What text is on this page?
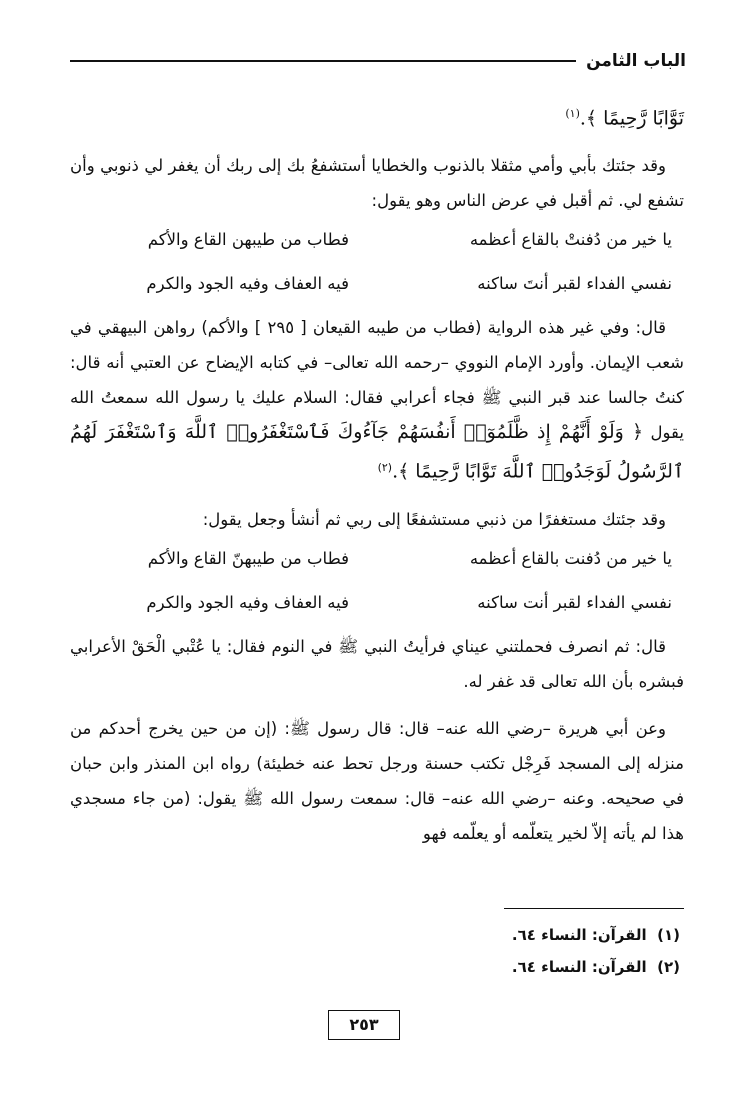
الباب الثامن

تَوَّابًا رَّحِيمًا ﴾.$^{(١)}$

وقد جئتك بأبي وأمي مثقلا بالذنوب والخطايا أستشفعُ بك إلى ربك أن يغفر لي ذنوبي وأن تشفع لي. ثم أقبل في عرض الناس وهو يقول:

يا خير من دُفنتْ بالقاع أعظمه
فطاب من طيبهن القاع والأكم
نفسي الفداء لقبر أنتَ ساكنه
فيه العفاف وفيه الجود والكرم

قال: وفي غير هذه الرواية (فطاب من طيبه القيعان [ ٢٩٥ ] والأكم) رواهن البيهقي في شعب الإيمان. وأورد الإمام النووي –رحمه الله تعالى– في كتابه الإيضاح عن العتبي أنه قال: كنتُ جالسا عند قبر النبي ﷺ فجاء أعرابي فقال: السلام عليك يا رسول الله سمعتُ الله يقول ﴿ وَلَوْ أَنَّهُمْ إِذ ظَّلَمُوٓا۟ أَنفُسَهُمْ جَآءُوكَ فَٱسْتَغْفَرُوا۟ ٱللَّهَ وَٱسْتَغْفَرَ لَهُمُ ٱلرَّسُولُ لَوَجَدُوا۟ ٱللَّهَ تَوَّابًا رَّحِيمًا ﴾.$^{(٢)}$

وقد جئتك مستغفرًا من ذنبي مستشفعًا إلى ربي ثم أنشأ وجعل يقول:

يا خير من دُفنت بالقاع أعظمه
فطاب من طيبهنّ القاع والأكم
نفسي الفداء لقبر أنت ساكنه
فيه العفاف وفيه الجود والكرم

قال: ثم انصرف فحملتني عيناي فرأيتُ النبي ﷺ في النوم فقال: يا عُتْبي الْحَقْ الأعرابي فبشره بأن الله تعالى قد غفر له.

وعن أبي هريرة –رضي الله عنه– قال: قال رسول ﷺ: (إن من حين يخرج أحدكم من منزله إلى المسجد فَرِجْل تكتب حسنة ورجل تحط عنه خطيئة) رواه ابن المنذر وابن حبان في صحيحه. وعنه –رضي الله عنه– قال: سمعت رسول الله ﷺ يقول: (من جاء مسجدي هذا لم يأته إلاّ لخير يتعلّمه أو يعلّمه فهو

(١)  القرآن: النساء ٦٤.
(٢)  القرآن: النساء ٦٤.
٢٥٣
